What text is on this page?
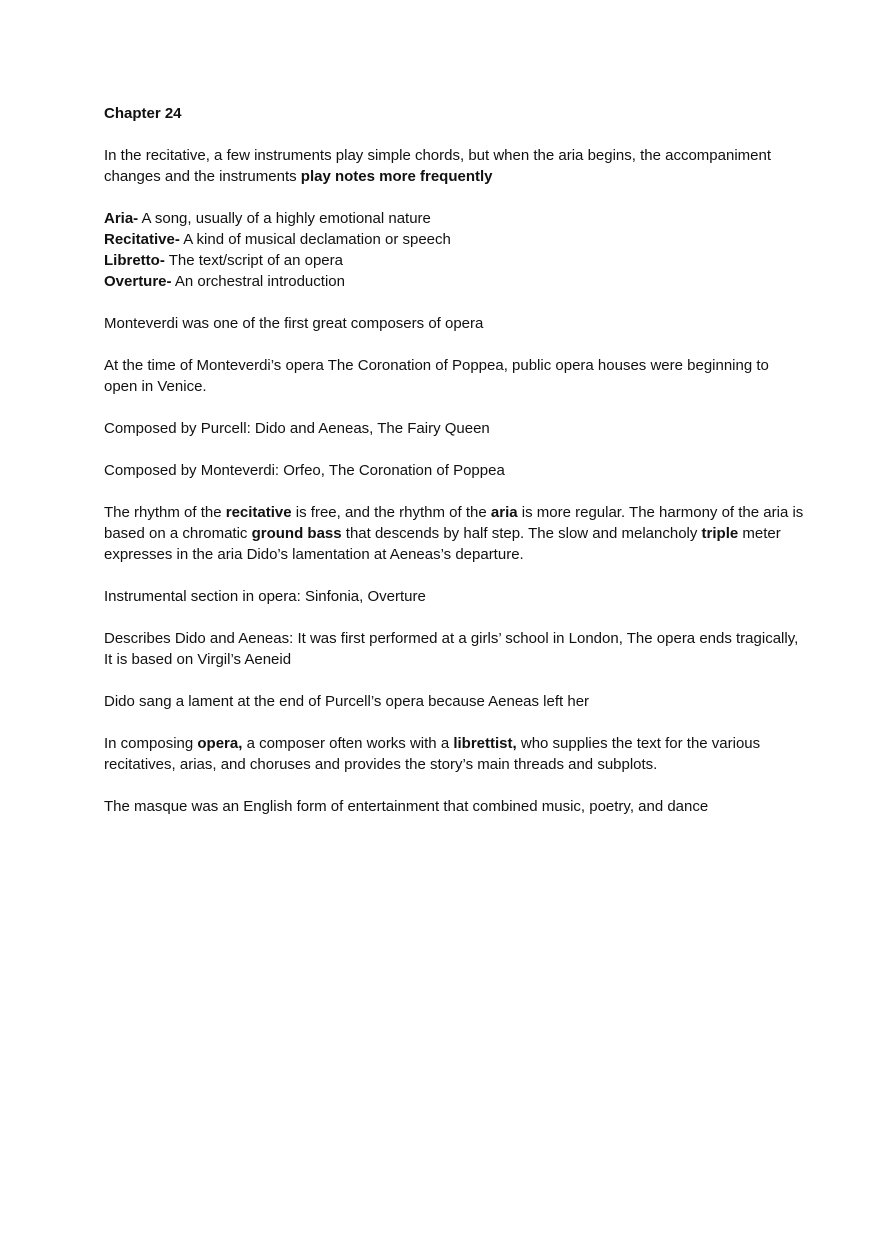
Chapter 24

In the recitative, a few instruments play simple chords, but when the aria begins, the accompaniment changes and the instruments play notes more frequently

Aria- A song, usually of a highly emotional nature
Recitative- A kind of musical declamation or speech
Libretto- The text/script of an opera
Overture- An orchestral introduction

Monteverdi was one of the first great composers of opera

At the time of Monteverdi’s opera The Coronation of Poppea, public opera houses were beginning to open in Venice.

Composed by Purcell: Dido and Aeneas, The Fairy Queen

Composed by Monteverdi: Orfeo, The Coronation of Poppea

The rhythm of the recitative is free, and the rhythm of the aria is more regular. The harmony of the aria is based on a chromatic ground bass that descends by half step. The slow and melancholy triple meter expresses in the aria Dido’s lamentation at Aeneas’s departure.

Instrumental section in opera: Sinfonia, Overture

Describes Dido and Aeneas: It was first performed at a girls’ school in London, The opera ends tragically, It is based on Virgil’s Aeneid

Dido sang a lament at the end of Purcell’s opera because Aeneas left her

In composing opera, a composer often works with a librettist, who supplies the text for the various recitatives, arias, and choruses and provides the story’s main threads and subplots.

The masque was an English form of entertainment that combined music, poetry, and dance
